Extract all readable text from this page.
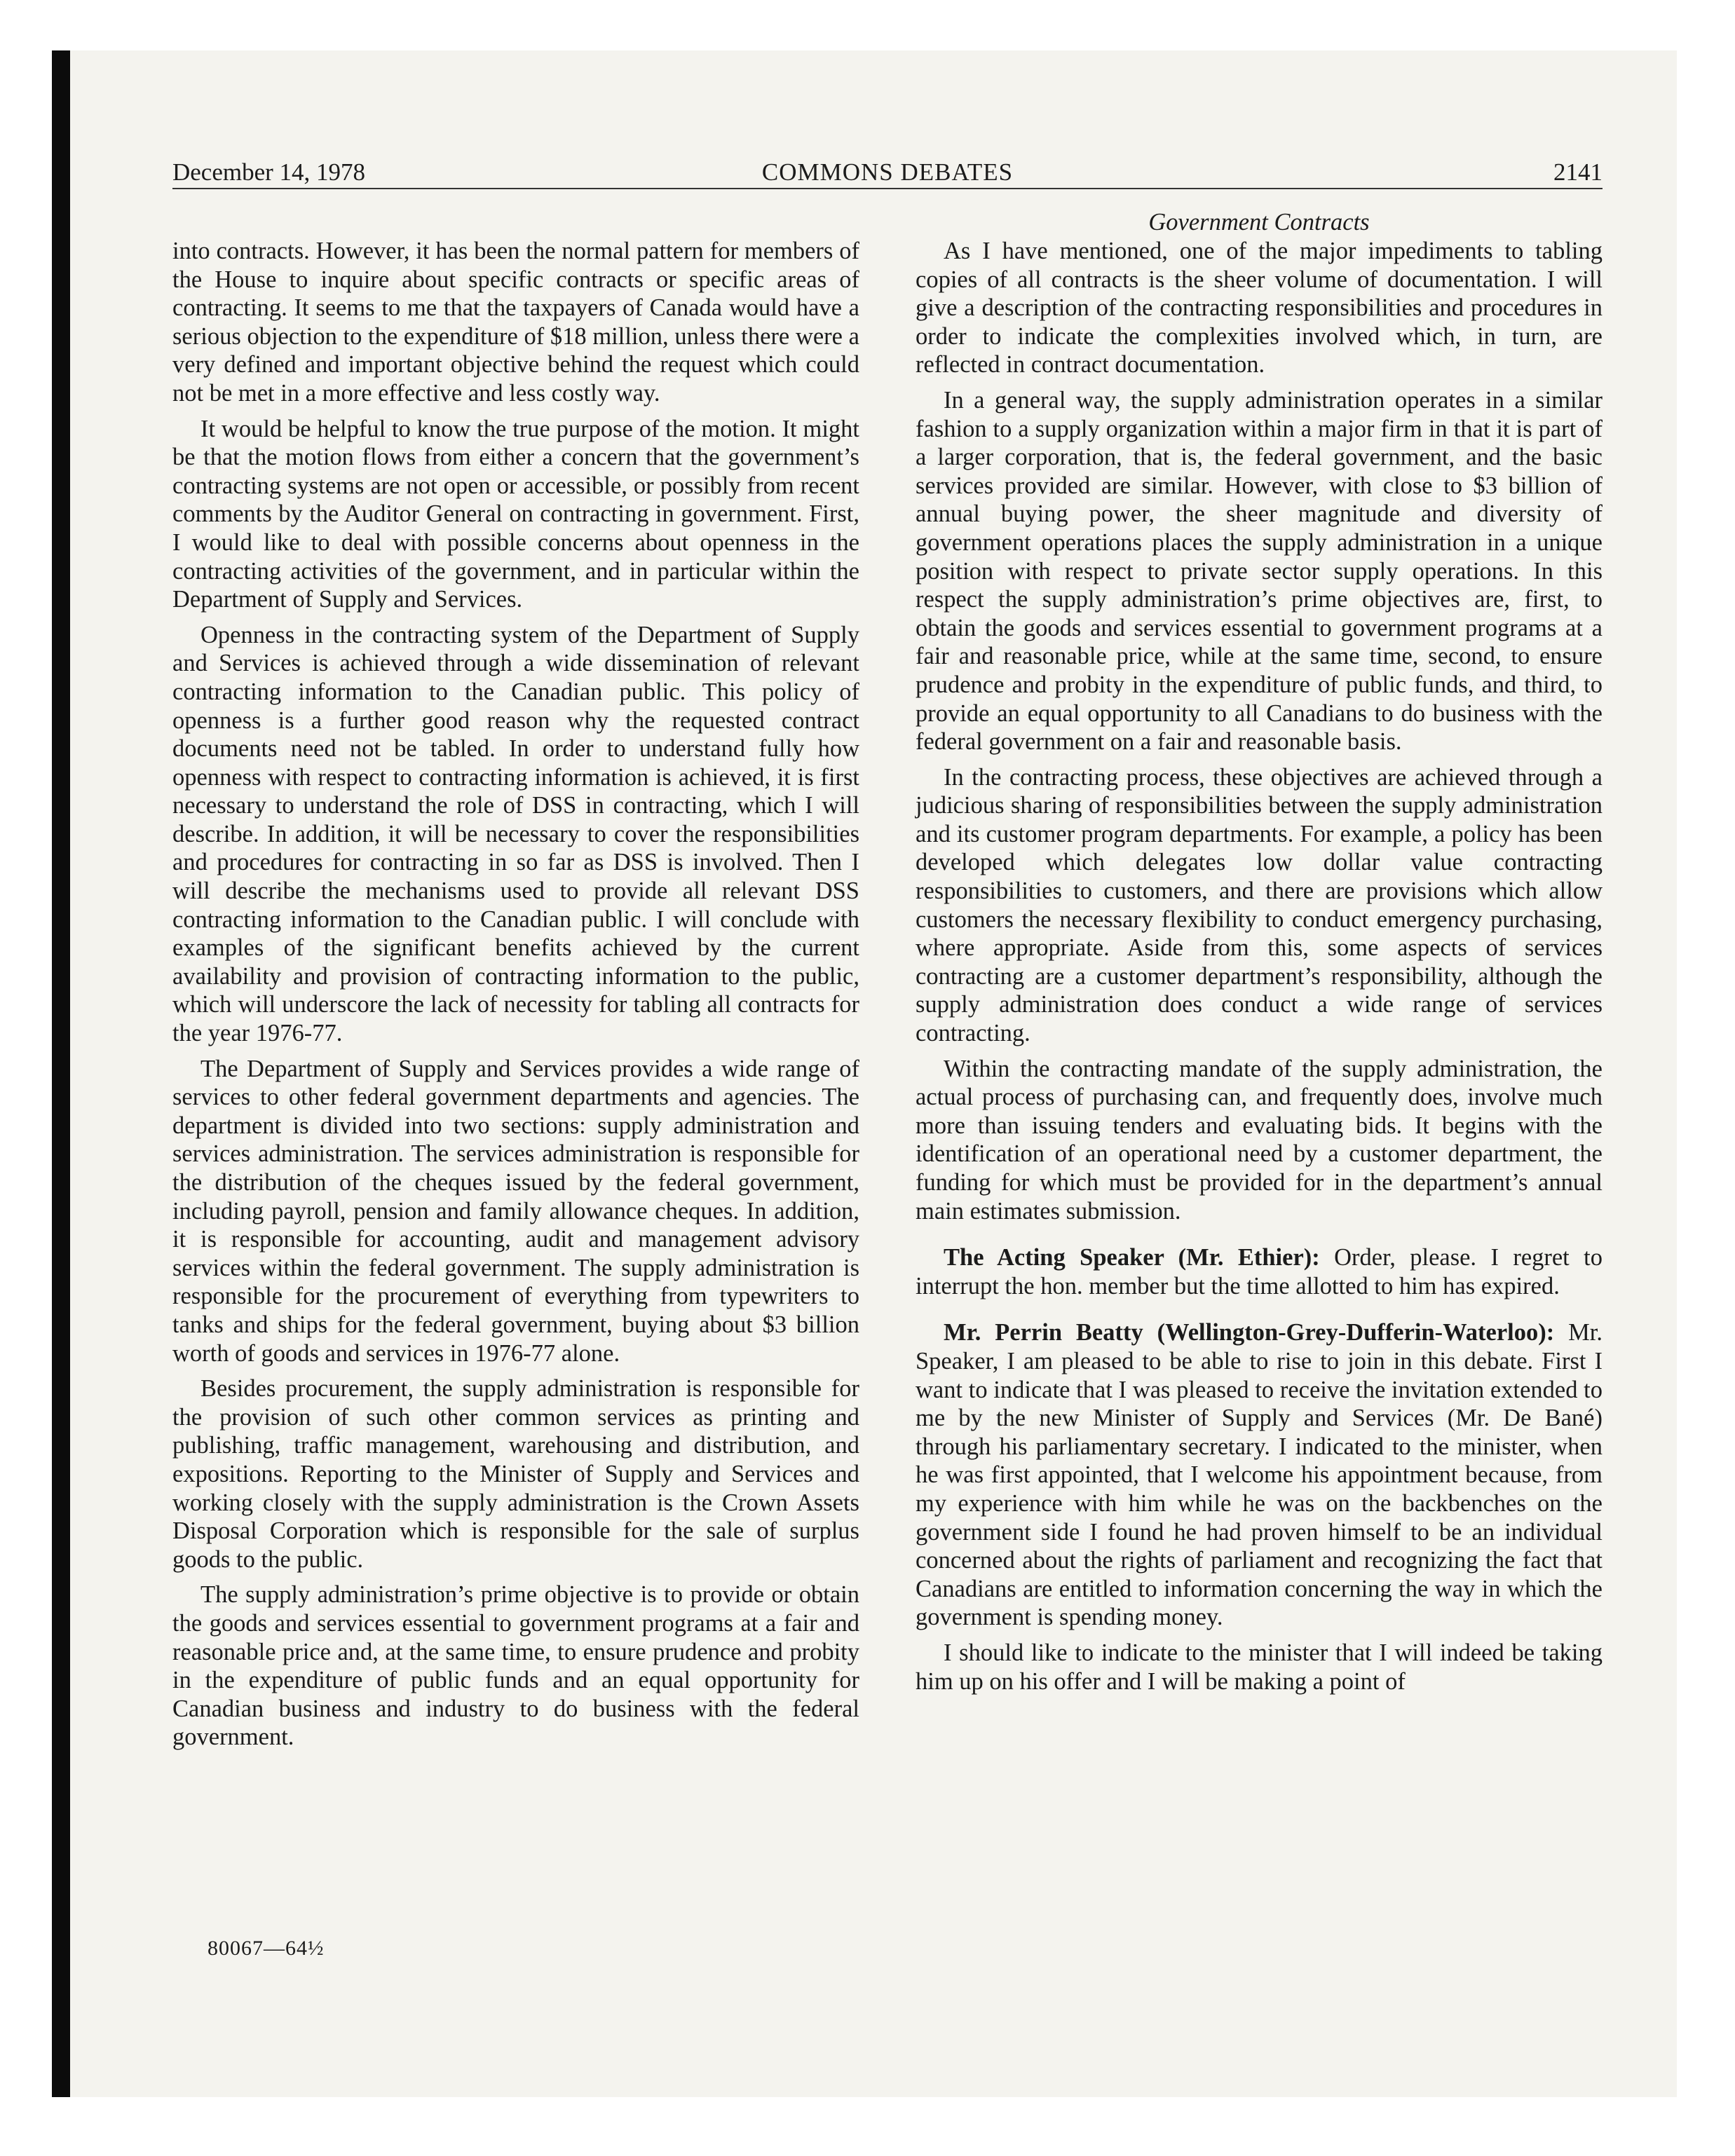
December 14, 1978	COMMONS DEBATES	2141

into contracts. However, it has been the normal pattern for members of the House to inquire about specific contracts or specific areas of contracting. It seems to me that the taxpayers of Canada would have a serious objection to the expenditure of $18 million, unless there were a very defined and important objective behind the request which could not be met in a more effective and less costly way.

It would be helpful to know the true purpose of the motion. It might be that the motion flows from either a concern that the government’s contracting systems are not open or accessible, or possibly from recent comments by the Auditor General on contracting in government. First, I would like to deal with possible concerns about openness in the contracting activities of the government, and in particular within the Department of Supply and Services.

Openness in the contracting system of the Department of Supply and Services is achieved through a wide dissemination of relevant contracting information to the Canadian public. This policy of openness is a further good reason why the requested contract documents need not be tabled. In order to understand fully how openness with respect to contracting information is achieved, it is first necessary to understand the role of DSS in contracting, which I will describe. In addition, it will be necessary to cover the responsibilities and procedures for contracting in so far as DSS is involved. Then I will describe the mechanisms used to provide all relevant DSS contracting information to the Canadian public. I will conclude with examples of the significant benefits achieved by the current availability and provision of contracting information to the public, which will underscore the lack of necessity for tabling all contracts for the year 1976-77.

The Department of Supply and Services provides a wide range of services to other federal government departments and agencies. The department is divided into two sections: supply administration and services administration. The services administration is responsible for the distribution of the cheques issued by the federal government, including payroll, pension and family allowance cheques. In addition, it is responsible for accounting, audit and management advisory services within the federal government. The supply administration is responsible for the procurement of everything from typewriters to tanks and ships for the federal government, buying about $3 billion worth of goods and services in 1976-77 alone.

Besides procurement, the supply administration is responsible for the provision of such other common services as printing and publishing, traffic management, warehousing and distribution, and expositions. Reporting to the Minister of Supply and Services and working closely with the supply administration is the Crown Assets Disposal Corporation which is responsible for the sale of surplus goods to the public.

The supply administration’s prime objective is to provide or obtain the goods and services essential to government programs at a fair and reasonable price and, at the same time, to ensure prudence and probity in the expenditure of public funds and an equal opportunity for Canadian business and industry to do business with the federal government.

Government Contracts

As I have mentioned, one of the major impediments to tabling copies of all contracts is the sheer volume of documentation. I will give a description of the contracting responsibilities and procedures in order to indicate the complexities involved which, in turn, are reflected in contract documentation.

In a general way, the supply administration operates in a similar fashion to a supply organization within a major firm in that it is part of a larger corporation, that is, the federal government, and the basic services provided are similar. However, with close to $3 billion of annual buying power, the sheer magnitude and diversity of government operations places the supply administration in a unique position with respect to private sector supply operations. In this respect the supply administration’s prime objectives are, first, to obtain the goods and services essential to government programs at a fair and reasonable price, while at the same time, second, to ensure prudence and probity in the expenditure of public funds, and third, to provide an equal opportunity to all Canadians to do business with the federal government on a fair and reasonable basis.

In the contracting process, these objectives are achieved through a judicious sharing of responsibilities between the supply administration and its customer program departments. For example, a policy has been developed which delegates low dollar value contracting responsibilities to customers, and there are provisions which allow customers the necessary flexibility to conduct emergency purchasing, where appropriate. Aside from this, some aspects of services contracting are a customer department’s responsibility, although the supply administration does conduct a wide range of services contracting.

Within the contracting mandate of the supply administration, the actual process of purchasing can, and frequently does, involve much more than issuing tenders and evaluating bids. It begins with the identification of an operational need by a customer department, the funding for which must be provided for in the department’s annual main estimates submission.

The Acting Speaker (Mr. Ethier): Order, please. I regret to interrupt the hon. member but the time allotted to him has expired.

Mr. Perrin Beatty (Wellington-Grey-Dufferin-Waterloo): Mr. Speaker, I am pleased to be able to rise to join in this debate. First I want to indicate that I was pleased to receive the invitation extended to me by the new Minister of Supply and Services (Mr. De Bané) through his parliamentary secretary. I indicated to the minister, when he was first appointed, that I welcome his appointment because, from my experience with him while he was on the backbenches on the government side I found he had proven himself to be an individual concerned about the rights of parliament and recognizing the fact that Canadians are entitled to information concerning the way in which the government is spending money.

I should like to indicate to the minister that I will indeed be taking him up on his offer and I will be making a point of

80067—64½
